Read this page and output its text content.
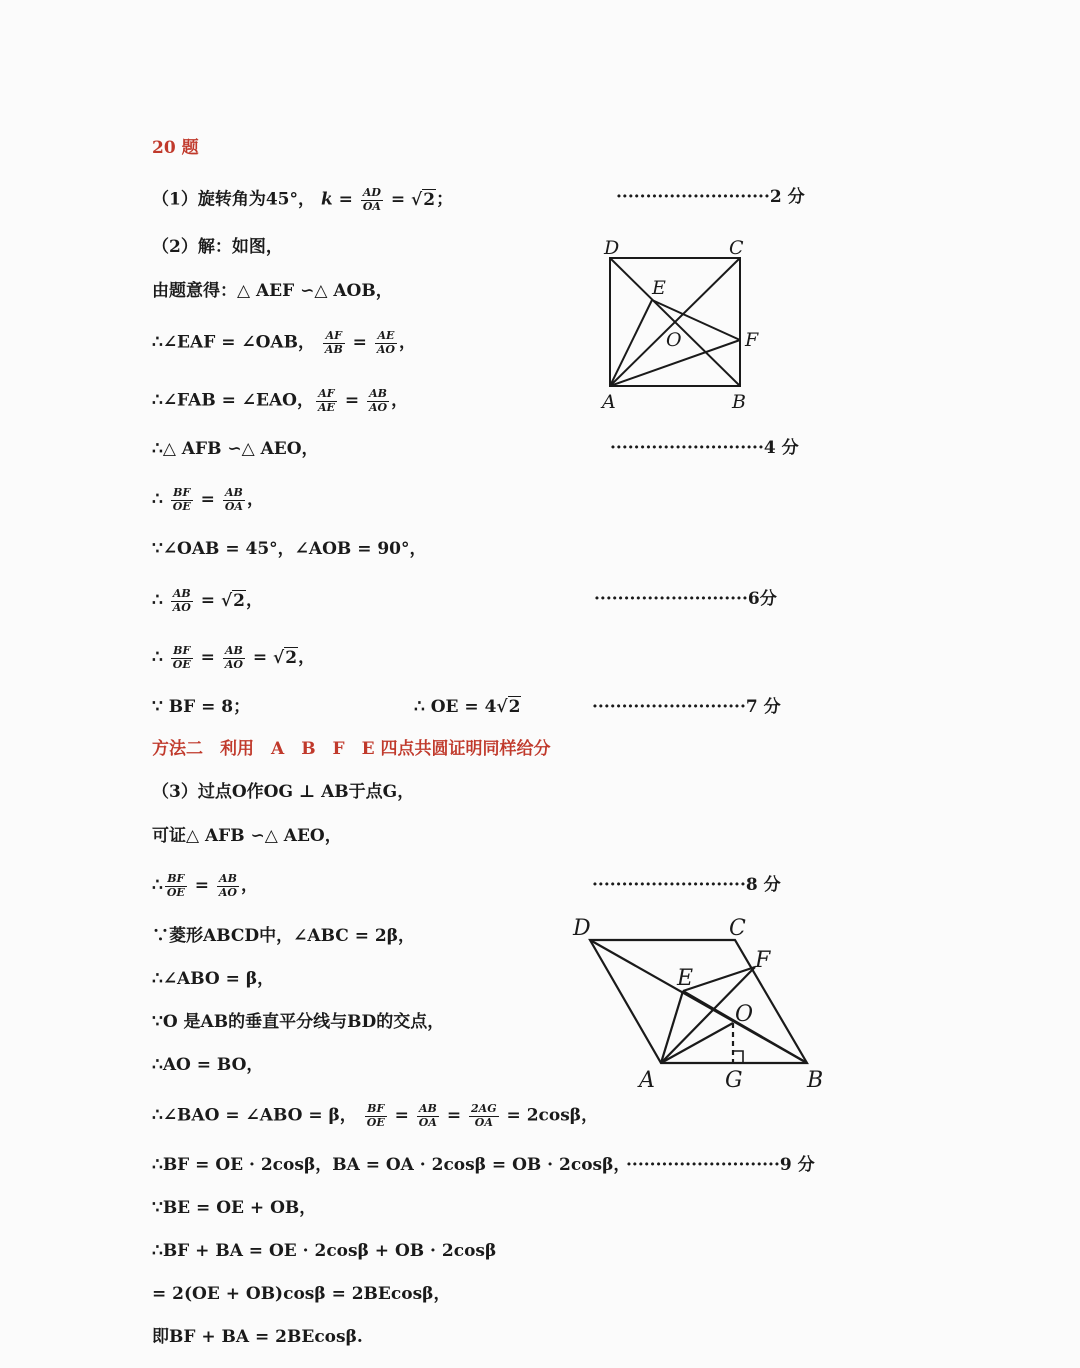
20 题
（1）旋转角为45°， $k = \frac{AD}{OA} = √2$；	··························2 分
（2）解：如图，
由题意得：△ AEF ∽△ AOB，
∴∠EAF = ∠OAB， $\frac{AF}{AB} = \frac{AE}{AO}$ ，
∴∠FAB = ∠EAO， $\frac{AF}{AE} = \frac{AB}{AO}$ ，
∴△ AFB ∽△ AEO，	··························4 分
∴ $\frac{BF}{OE} = \frac{AB}{OA}$ ，
∵∠OAB = 45°，∠AOB = 90°，
∴ $\frac{AB}{AO} = √2$，	··························6分
∴ $\frac{BF}{OE} = \frac{AB}{AO} = √2$，
∵ BF = 8；	∴ OE = 4√2	··························7 分
方法二　利用　A　B　F　E 四点共圆证明同样给分
（3）过点O作OG ⊥ AB于点G，
可证△ AFB ∽△ AEO，
∴ $\frac{BF}{OE} = \frac{AB}{AO}$ ，	··························8 分
∵菱形ABCD中，∠ABC = 2β，
∴∠ABO = β，
∵O 是AB的垂直平分线与BD的交点，
∴AO = BO，
∴∠BAO = ∠ABO = β， $\frac{BF}{OE} = \frac{AB}{OA} = \frac{2AG}{OA} = 2\cos\beta$，
∴BF = OE · 2cosβ，BA = OA · 2cosβ = OB · 2cosβ，
··························9 分
∵BE = OE + OB，
∴BF + BA = OE · 2cosβ + OB · 2cosβ
= 2(OE + OB)cosβ = 2BEcosβ，
即BF + BA = 2BEcosβ.
D	C
E
O	F
A	B
D	C
F
E
O
A	G	B
